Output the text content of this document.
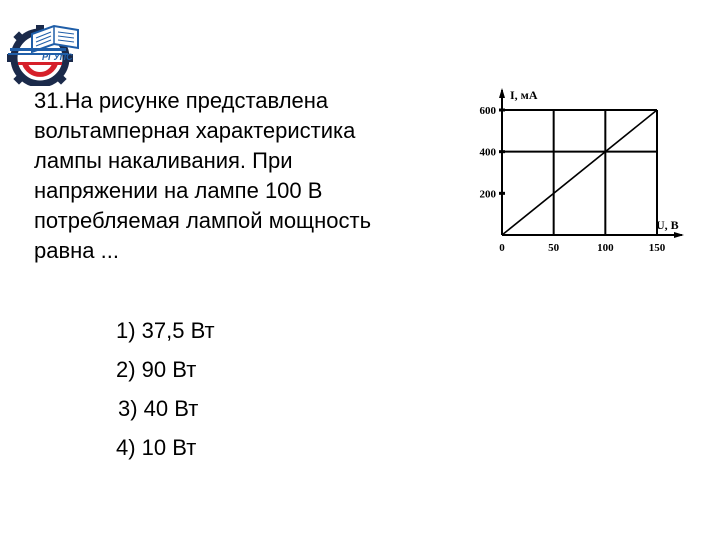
РГУПС
31.На рисунке представлена
вольтамперная характеристика
лампы накаливания. При
напряжении на лампе 100 В
потребляемая лампой мощность
равна ...
1) 37,5 Вт
2) 90 Вт
3) 40 Вт
4) 10 Вт
200
400
600
0	50	100	150
I, мА
U, В
